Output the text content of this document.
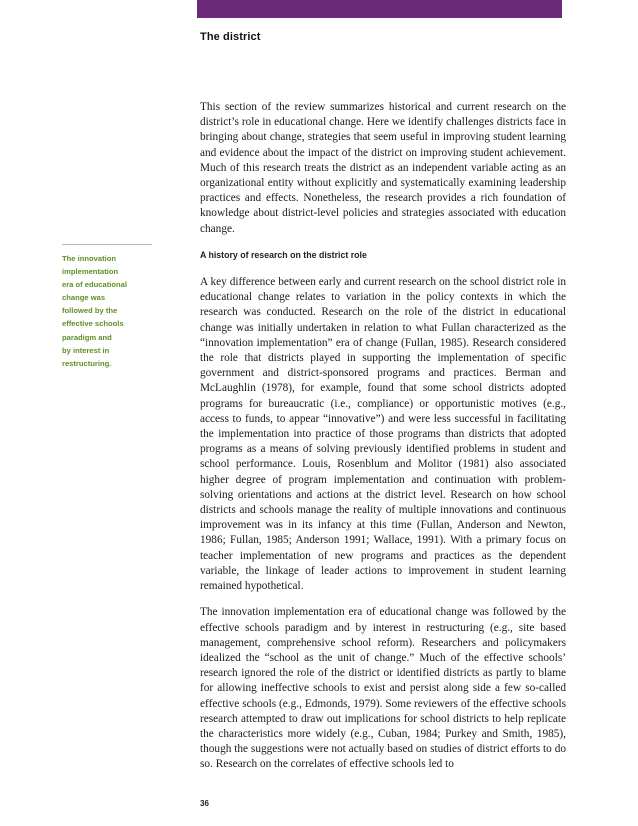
The district
The innovation
implementation
era of educational
change was
followed by the
effective schools
paradigm and
by interest in
restructuring.

This section of the review summarizes historical and current research on the district’s role in educational change. Here we identify challenges districts face in bringing about change, strategies that seem useful in improving student learning and evidence about the impact of the district on improving student achievement. Much of this research treats the district as an independent variable acting as an organizational entity without explicitly and systematically examining leadership practices and effects. Nonetheless, the research provides a rich foundation of knowledge about district-level policies and strategies associated with education change.

A history of research on the district role

A key difference between early and current research on the school district role in educational change relates to variation in the policy contexts in which the research was conducted. Research on the role of the district in educational change was initially undertaken in relation to what Fullan characterized as the “innovation implementation” era of change (Fullan, 1985). Research considered the role that districts played in supporting the implementation of specific government and district-sponsored programs and practices. Berman and McLaughlin (1978), for example, found that some school districts adopted programs for bureaucratic (i.e., compliance) or opportunistic motives (e.g., access to funds, to appear “innovative”) and were less successful in facilitating the implementation into practice of those programs than districts that adopted programs as a means of solving previously identified problems in student and school performance. Louis, Rosenblum and Molitor (1981) also associated higher degree of program implementation and continuation with problem-solving orientations and actions at the district level. Research on how school districts and schools manage the reality of multiple innovations and continuous improvement was in its infancy at this time (Fullan, Anderson and Newton, 1986; Fullan, 1985; Anderson 1991; Wallace, 1991). With a primary focus on teacher implementation of new programs and practices as the dependent variable, the linkage of leader actions to improvement in student learning remained hypothetical.

The innovation implementation era of educational change was followed by the effective schools paradigm and by interest in restructuring (e.g., site based management, comprehensive school reform). Researchers and policymakers idealized the “school as the unit of change.” Much of the effective schools’ research ignored the role of the district or identified districts as partly to blame for allowing ineffective schools to exist and persist along side a few so-called effective schools (e.g., Edmonds, 1979). Some reviewers of the effective schools research attempted to draw out implications for school districts to help replicate the characteristics more widely (e.g., Cuban, 1984; Purkey and Smith, 1985), though the suggestions were not actually based on studies of district efforts to do so. Research on the correlates of effective schools led to

36
